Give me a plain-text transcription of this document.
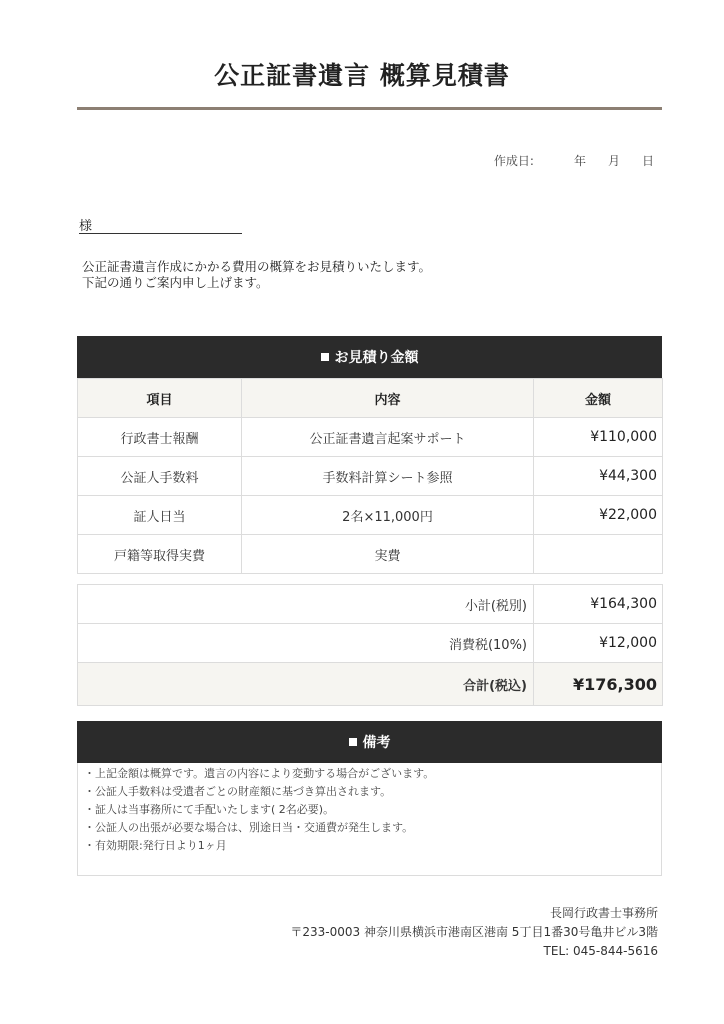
公正証書遺言 概算見積書
作成日:	年 月 日
様
公正証書遺言作成にかかる費用の概算をお見積りいたします。
下記の通りご案内申し上げます。
お見積り金額
項目	内容	金額
行政書士報酬	公正証書遺言起案サポート	¥110,000
公証人手数料	手数料計算シート参照	¥44,300
証人日当	2名×11,000円	¥22,000
戸籍等取得実費	実費	
小計(税別)	¥164,300
消費税(10%)	¥12,000
合計(税込)	¥176,300
備考
・上記金額は概算です。遺言の内容により変動する場合がございます。
・公証人手数料は受遺者ごとの財産額に基づき算出されます。
・証人は当事務所にて手配いたします( 2名必要)。
・公証人の出張が必要な場合は、別途日当・交通費が発生します。
・有効期限:発行日より1ヶ月
長岡行政書士事務所
〒233-0003 神奈川県横浜市港南区港南 5丁目1番30号亀井ビル3階
TEL: 045-844-5616
